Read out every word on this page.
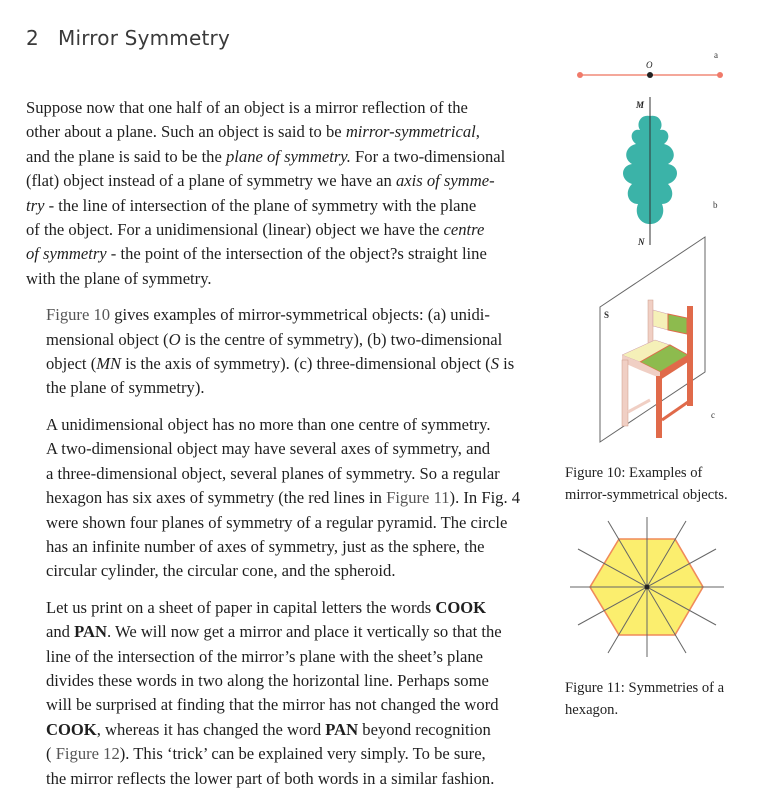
2 Mirror Symmetry

Suppose now that one half of an object is a mirror reflection of the
other about a plane. Such an object is said to be mirror-symmetrical,
and the plane is said to be the plane of symmetry. For a two-dimensional
(flat) object instead of a plane of symmetry we have an axis of symme-
try - the line of intersection of the plane of symmetry with the plane
of the object. For a unidimensional (linear) object we have the centre
of symmetry - the point of the intersection of the object?s straight line
with the plane of symmetry.

Figure 10 gives examples of mirror-symmetrical objects: (a) unidi-
mensional object (O is the centre of symmetry), (b) two-dimensional
object (MN is the axis of symmetry). (c) three-dimensional object (S is
the plane of symmetry).

A unidimensional object has no more than one centre of symmetry.
A two-dimensional object may have several axes of symmetry, and
a three-dimensional object, several planes of symmetry. So a regular
hexagon has six axes of symmetry (the red lines in Figure 11). In Fig. 4
were shown four planes of symmetry of a regular pyramid. The circle
has an infinite number of axes of symmetry, just as the sphere, the
circular cylinder, the circular cone, and the spheroid.

Let us print on a sheet of paper in capital letters the words COOK
and PAN. We will now get a mirror and place it vertically so that the
line of the intersection of the mirror’s plane with the sheet’s plane
divides these words in two along the horizontal line. Perhaps some
will be surprised at finding that the mirror has not changed the word
COOK, whereas it has changed the word PAN beyond recognition
( Figure 12). This ‘trick’ can be explained very simply. To be sure,
the mirror reflects the lower part of both words in a similar fashion.

O
a
M
N
b
S
c
Figure 10: Examples of
mirror-symmetrical objects.
Figure 11: Symmetries of a
hexagon.
